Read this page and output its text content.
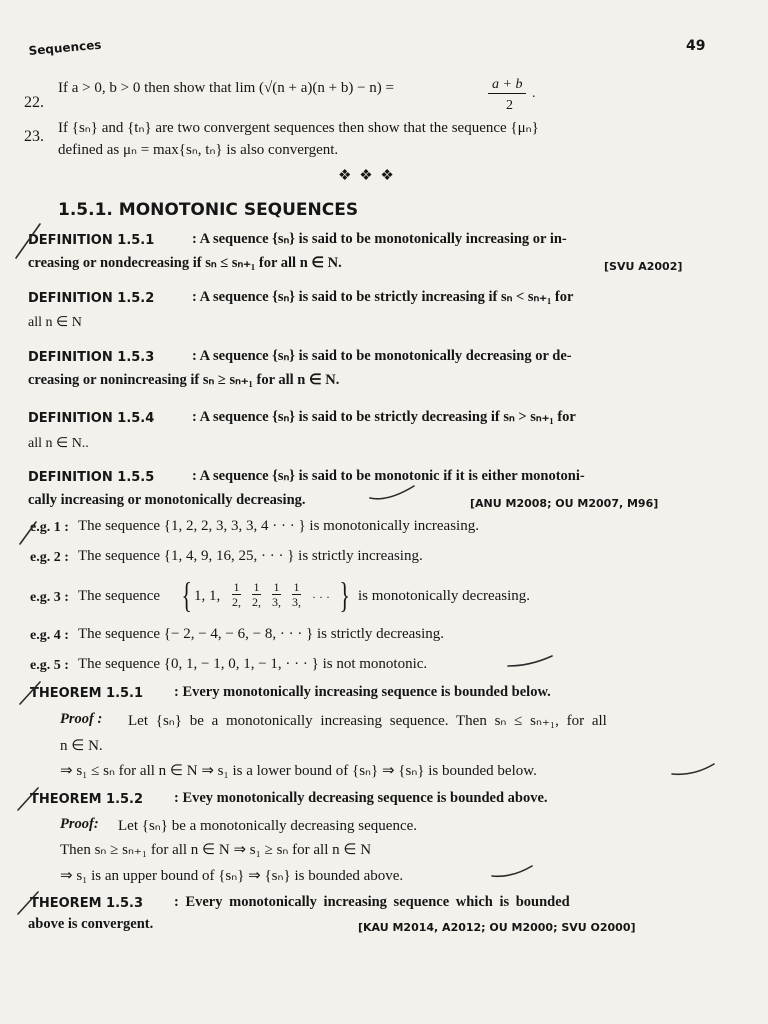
Sequences	49
22.
If a > 0, b > 0 then show that lim (√(n + a)(n + b) − n) =	a + b
2
.
23. If {sₙ} and {tₙ} are two convergent sequences then show that the sequence {μₙ}
defined as μₙ = max{sₙ, tₙ} is also convergent.
❖ ❖ ❖
1.5.1. MONOTONIC SEQUENCES
DEFINITION 1.5.1	: A sequence {sₙ} is said to be monotonically increasing or in-
creasing or nondecreasing if sₙ ≤ sₙ₊₁ for all n ∈ N.	[SVU A2002]
DEFINITION 1.5.2	: A sequence {sₙ} is said to be strictly increasing if sₙ < sₙ₊₁ for
all n ∈ N
DEFINITION 1.5.3	: A sequence {sₙ} is said to be monotonically decreasing or de-
creasing or nonincreasing if sₙ ≥ sₙ₊₁ for all n ∈ N.
DEFINITION 1.5.4	: A sequence {sₙ} is said to be strictly decreasing if sₙ > sₙ₊₁ for
all n ∈ N..
DEFINITION 1.5.5	: A sequence {sₙ} is said to be monotonic if it is either monotoni-
cally increasing or monotonically decreasing.	[ANU M2008; OU M2007, M96]
e.g. 1 : The sequence {1, 2, 2, 3, 3, 3, 4 · · · } is monotonically increasing.
e.g. 2 : The sequence {1, 4, 9, 16, 25, · · · } is strictly increasing.
e.g. 3 : The sequence { 1, 1,
1
2,
1
2,
1
3,
1
3, · · · } is monotonically decreasing.
e.g. 4 : The sequence {− 2, − 4, − 6, − 8, · · · } is strictly decreasing.
e.g. 5 : The sequence {0, 1, − 1, 0, 1, − 1, · · · } is not monotonic.
THEOREM 1.5.1 : Every monotonically increasing sequence is bounded below.
Proof : Let {sₙ} be a monotonically increasing sequence. Then sₙ ≤ sₙ₊₁, for all
n ∈ N.
⇒ s₁ ≤ sₙ for all n ∈ N ⇒ s₁ is a lower bound of {sₙ} ⇒ {sₙ} is bounded below.
THEOREM 1.5.2 : Evey monotonically decreasing sequence is bounded above.
Proof: Let {sₙ} be a monotonically decreasing sequence.
Then sₙ ≥ sₙ₊₁ for all n ∈ N ⇒ s₁ ≥ sₙ for all n ∈ N
⇒ s₁ is an upper bound of {sₙ} ⇒ {sₙ} is bounded above.
THEOREM 1.5.3 : Every monotonically increasing sequence which is bounded
above is convergent.	[KAU M2014, A2012; OU M2000; SVU O2000]
